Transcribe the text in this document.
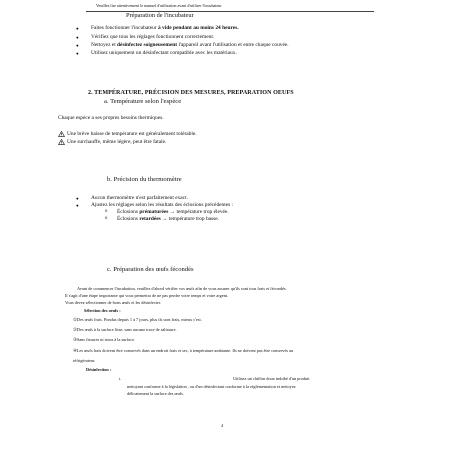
Veuillez lire attentivement le manuel d'utilisation avant d'utiliser l'incubateur
Préparation de l'incubateur
● Faites fonctionner l'incubateur à vide pendant au moins 24 heures.
● Vérifiez que tous les réglages fonctionnent correctement.
● Nettoyez et désinfectez soigneusement l'appareil avant l'utilisation et entre chaque couvée.
● Utilisez uniquement un désinfectant compatible avec les matériaux.
2. TEMPÉRATURE, PRÉCISION DES MESURES, PREPARATION OEUFS
a. Température selon l'espèce
Chaque espèce a ses propres besoins thermiques.
Une brève baisse de température est généralement tolérable.
Une surchauffe, même légère, peut être fatale.
b. Précision du thermomètre
● Aucun thermomètre n'est parfaitement exact.
● Ajustez les réglages selon les résultats des éclosions précédentes :
o Éclosions prématurées → température trop élevée.
o Éclosions retardées → température trop basse.
c. Préparation des œufs fécondés
Avant de commencer l'incubation, veuillez d'abord vérifier vos œufs afin de vous assurer qu'ils sont tous frais et fécondés.
Il s'agit d'une étape importante qui vous permettra de ne pas perdre votre temps et votre argent.
Vous devez sélectionner de bons œufs et les désinfecter.
Sélection des oeufs :
①Des œufs frais. Pondus depuis 1 à 7 jours, plus ils sont frais, mieux c'est.
②Des œufs à la surface lisse, sans aucune trace de salissure.
③Sans fissures ni trous à la surface.
④Les œufs frais doivent être conservés dans un endroit frais et sec, à température ambiante. Ils ne doivent pas être conservés au
réfrigérateur.
Désinfection :
i.	Utilisez un chiffon doux imbibé d'un produit
nettoyant conforme à la législation , ou d'un désinfectant conforme à la réglementation et nettoyez
délicatement la surface des œufs.
4
